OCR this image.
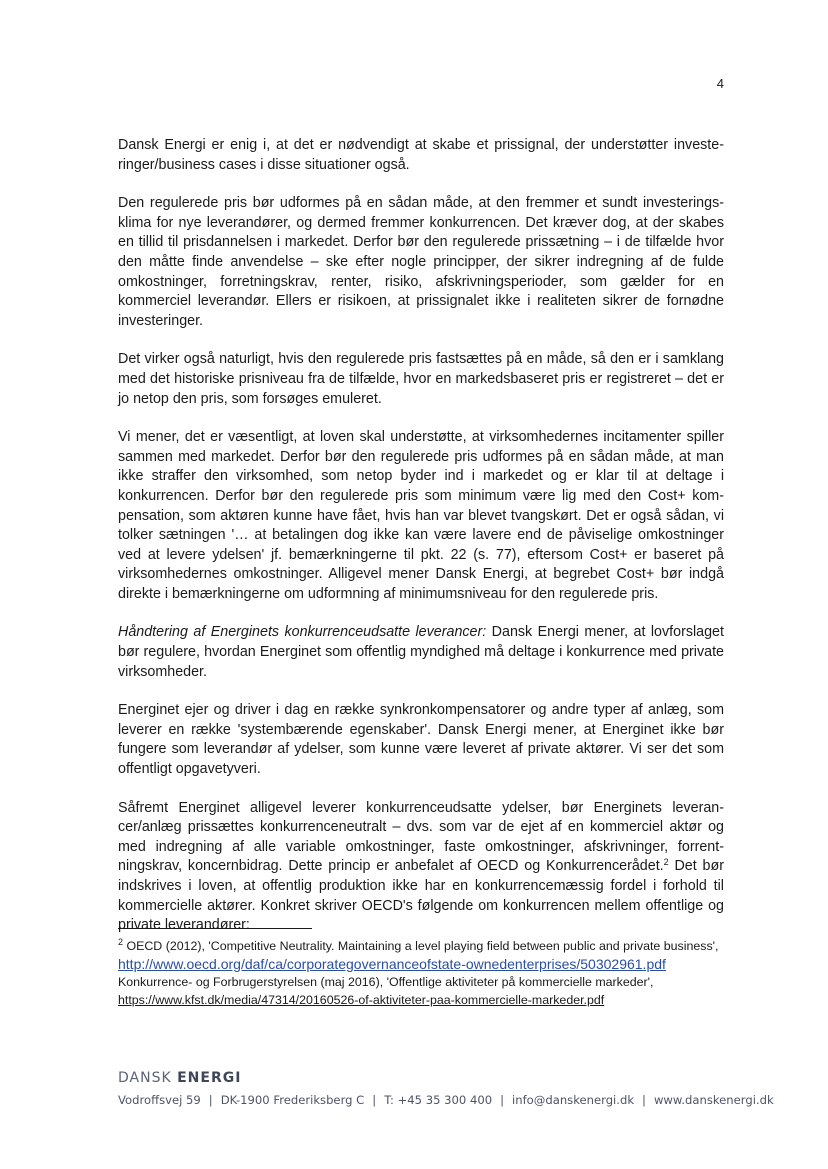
4

Dansk Energi er enig i, at det er nødvendigt at skabe et prissignal, der understøtter investeringer/business cases i disse situationer også.

Den regulerede pris bør udformes på en sådan måde, at den fremmer et sundt investeringsklima for nye leverandører, og dermed fremmer konkurrencen. Det kræver dog, at der skabes en tillid til prisdannelsen i markedet. Derfor bør den regulerede prissætning – i de tilfælde hvor den måtte finde anvendelse – ske efter nogle principper, der sikrer indregning af de fulde omkostninger, forretningskrav, renter, risiko, afskrivningsperioder, som gælder for en kommerciel leverandør. Ellers er risikoen, at prissignalet ikke i realiteten sikrer de fornødne investeringer.

Det virker også naturligt, hvis den regulerede pris fastsættes på en måde, så den er i samklang med det historiske prisniveau fra de tilfælde, hvor en markedsbaseret pris er registreret – det er jo netop den pris, som forsøges emuleret.

Vi mener, det er væsentligt, at loven skal understøtte, at virksomhedernes incitamenter spiller sammen med markedet. Derfor bør den regulerede pris udformes på en sådan måde, at man ikke straffer den virksomhed, som netop byder ind i markedet og er klar til at deltage i konkurrencen. Derfor bør den regulerede pris som minimum være lig med den Cost+ kompensation, som aktøren kunne have fået, hvis han var blevet tvangskørt. Det er også sådan, vi tolker sætningen '… at betalingen dog ikke kan være lavere end de påviselige omkostninger ved at levere ydelsen' jf. bemærkningerne til pkt. 22 (s. 77), eftersom Cost+ er baseret på virksomhedernes omkostninger. Alligevel mener Dansk Energi, at begrebet Cost+ bør indgå direkte i bemærkningerne om udformning af minimumsniveau for den regulerede pris.

Håndtering af Energinets konkurrenceudsatte leverancer: Dansk Energi mener, at lovforslaget bør regulere, hvordan Energinet som offentlig myndighed må deltage i konkurrence med private virksomheder.

Energinet ejer og driver i dag en række synkronkompensatorer og andre typer af anlæg, som leverer en række 'systembærende egenskaber'. Dansk Energi mener, at Energinet ikke bør fungere som leverandør af ydelser, som kunne være leveret af private aktører. Vi ser det som offentligt opgavetyveri.

Såfremt Energinet alligevel leverer konkurrenceudsatte ydelser, bør Energinets leverancer/anlæg prissættes konkurrenceneutralt – dvs. som var de ejet af en kommerciel aktør og med indregning af alle variable omkostninger, faste omkostninger, afskrivninger, forrentningskrav, koncernbidrag. Dette princip er anbefalet af OECD og Konkurrencerådet.$^2$ Det bør indskrives i loven, at offentlig produktion ikke har en konkurrencemæssig fordel i forhold til kommercielle aktører. Konkret skriver OECD's følgende om konkurrencen mellem offentlige og private leverandører:

$^2$ OECD (2012), 'Competitive Neutrality. Maintaining a level playing field between public and private business', http://www.oecd.org/daf/ca/corporategovernanceofstate-ownedenterprises/50302961.pdf

Konkurrence- og Forbrugerstyrelsen (maj 2016), 'Offentlige aktiviteter på kommercielle markeder', https://www.kfst.dk/media/47314/20160526-of-aktiviteter-paa-kommercielle-markeder.pdf

DANSK ENERGI
Vodroffsvej 59 | DK-1900 Frederiksberg C | T: +45 35 300 400 | info@danskenergi.dk | www.danskenergi.dk
